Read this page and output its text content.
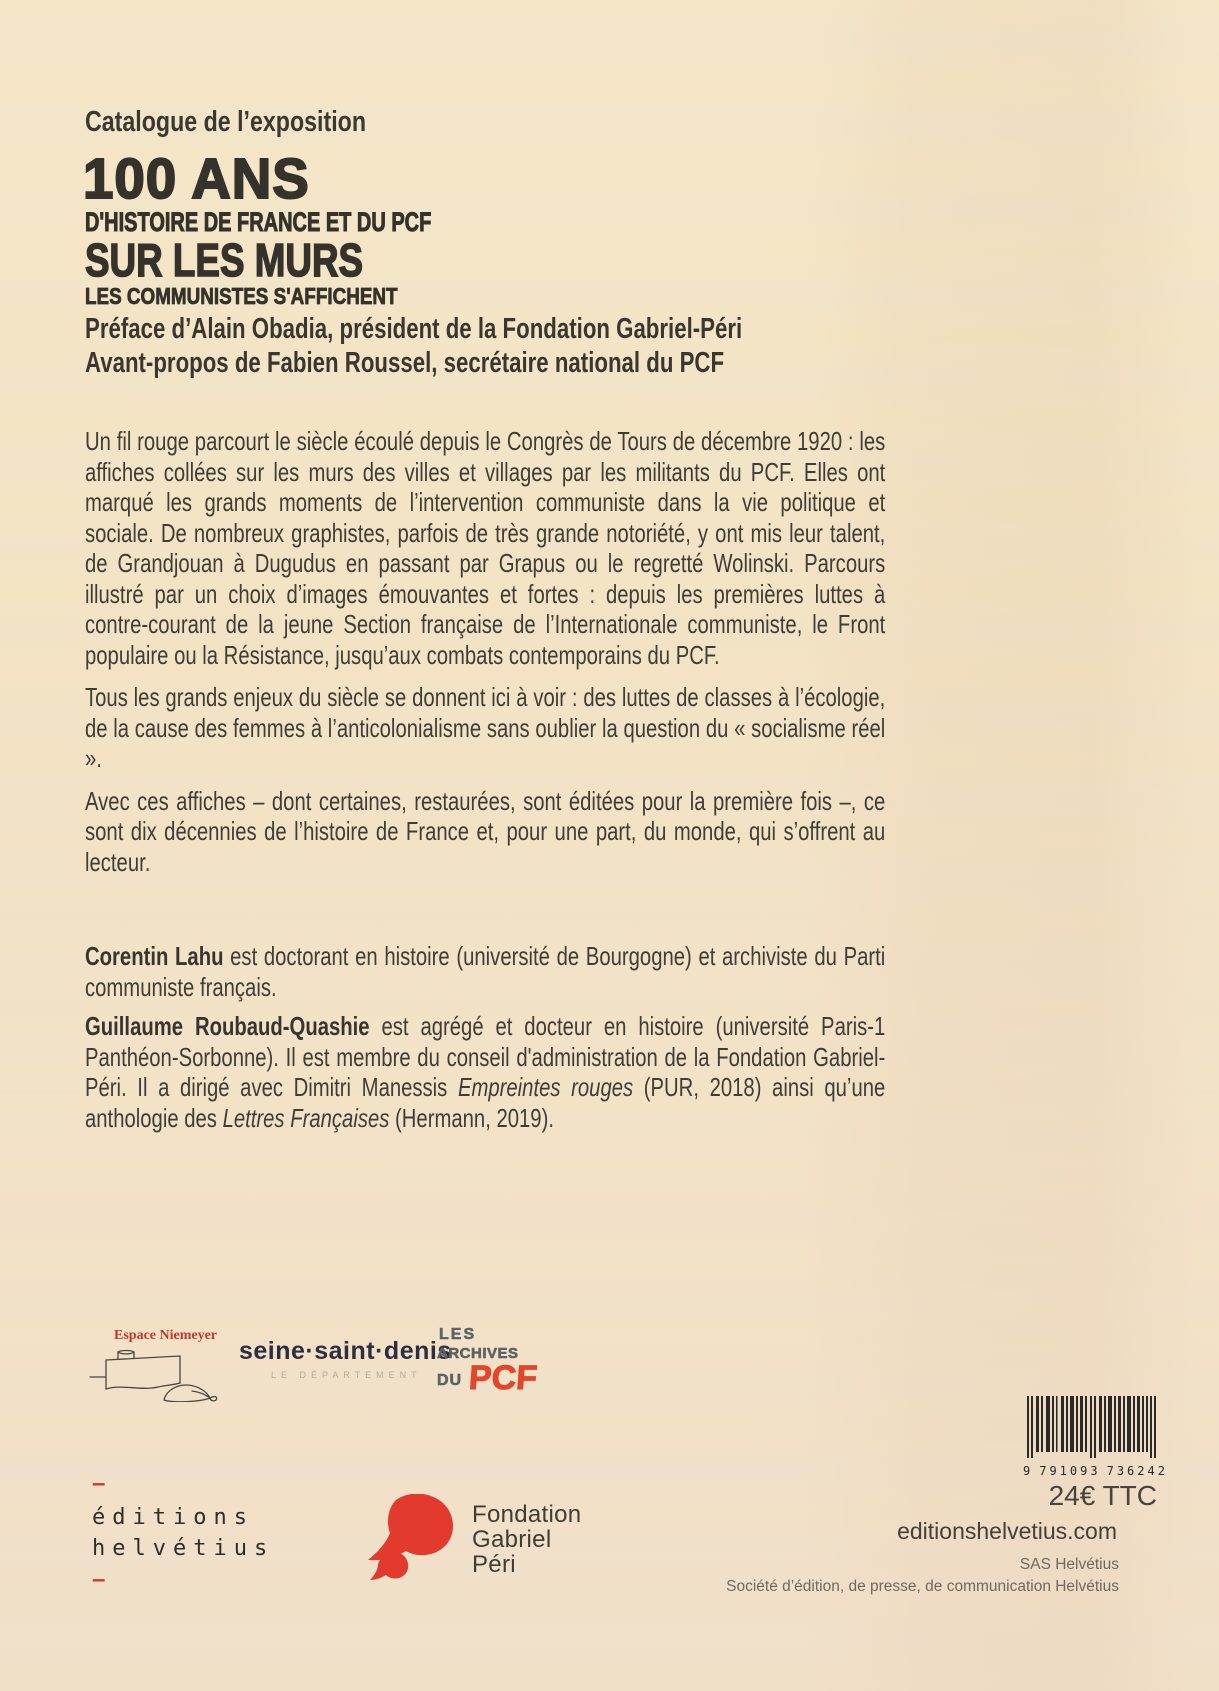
Catalogue de l’exposition
100 ANS
D'HISTOIRE DE FRANCE ET DU PCF
SUR LES MURS
LES COMMUNISTES S'AFFICHENT
Préface d’Alain Obadia, président de la Fondation Gabriel-Péri
Avant-propos de Fabien Roussel, secrétaire national du PCF

Un fil rouge parcourt le siècle écoulé depuis le Congrès de Tours de décembre 1920 : les affiches collées sur les murs des villes et villages par les militants du PCF. Elles ont marqué les grands moments de l’intervention communiste dans la vie politique et sociale. De nombreux graphistes, parfois de très grande notoriété, y ont mis leur talent, de Grandjouan à Dugudus en passant par Grapus ou le regretté Wolinski. Parcours illustré par un choix d’images émouvantes et fortes : depuis les premières luttes à contre-courant de la jeune Section française de l’Internationale communiste, le Front populaire ou la Résistance, jusqu’aux combats contemporains du PCF.

Tous les grands enjeux du siècle se donnent ici à voir : des luttes de classes à l’écologie, de la cause des femmes à l’anticolonialisme sans oublier la question du « socialisme réel ».

Avec ces affiches – dont certaines, restaurées, sont éditées pour la première fois –, ce sont dix décennies de l’histoire de France et, pour une part, du monde, qui s’offrent au lecteur.

Corentin Lahu est doctorant en histoire (université de Bourgogne) et archiviste du Parti communiste français.

Guillaume Roubaud-Quashie est agrégé et docteur en histoire (université Paris-1 Panthéon-Sorbonne). Il est membre du conseil d'administration de la Fondation Gabriel-Péri. Il a dirigé avec Dimitri Manessis Empreintes rouges (PUR, 2018) ainsi qu’une anthologie des Lettres Françaises (Hermann, 2019).

Espace Niemeyer
seine·saint·denis
LE DÉPARTEMENT
LES
ARCHIVES
DU PCF
9 791093 736242
24€ TTC
editionshelvetius.com
SAS Helvétius
Société d’édition, de presse, de communication Helvétius
–
éditions
helvétius
–
Fondation
Gabriel
Péri
